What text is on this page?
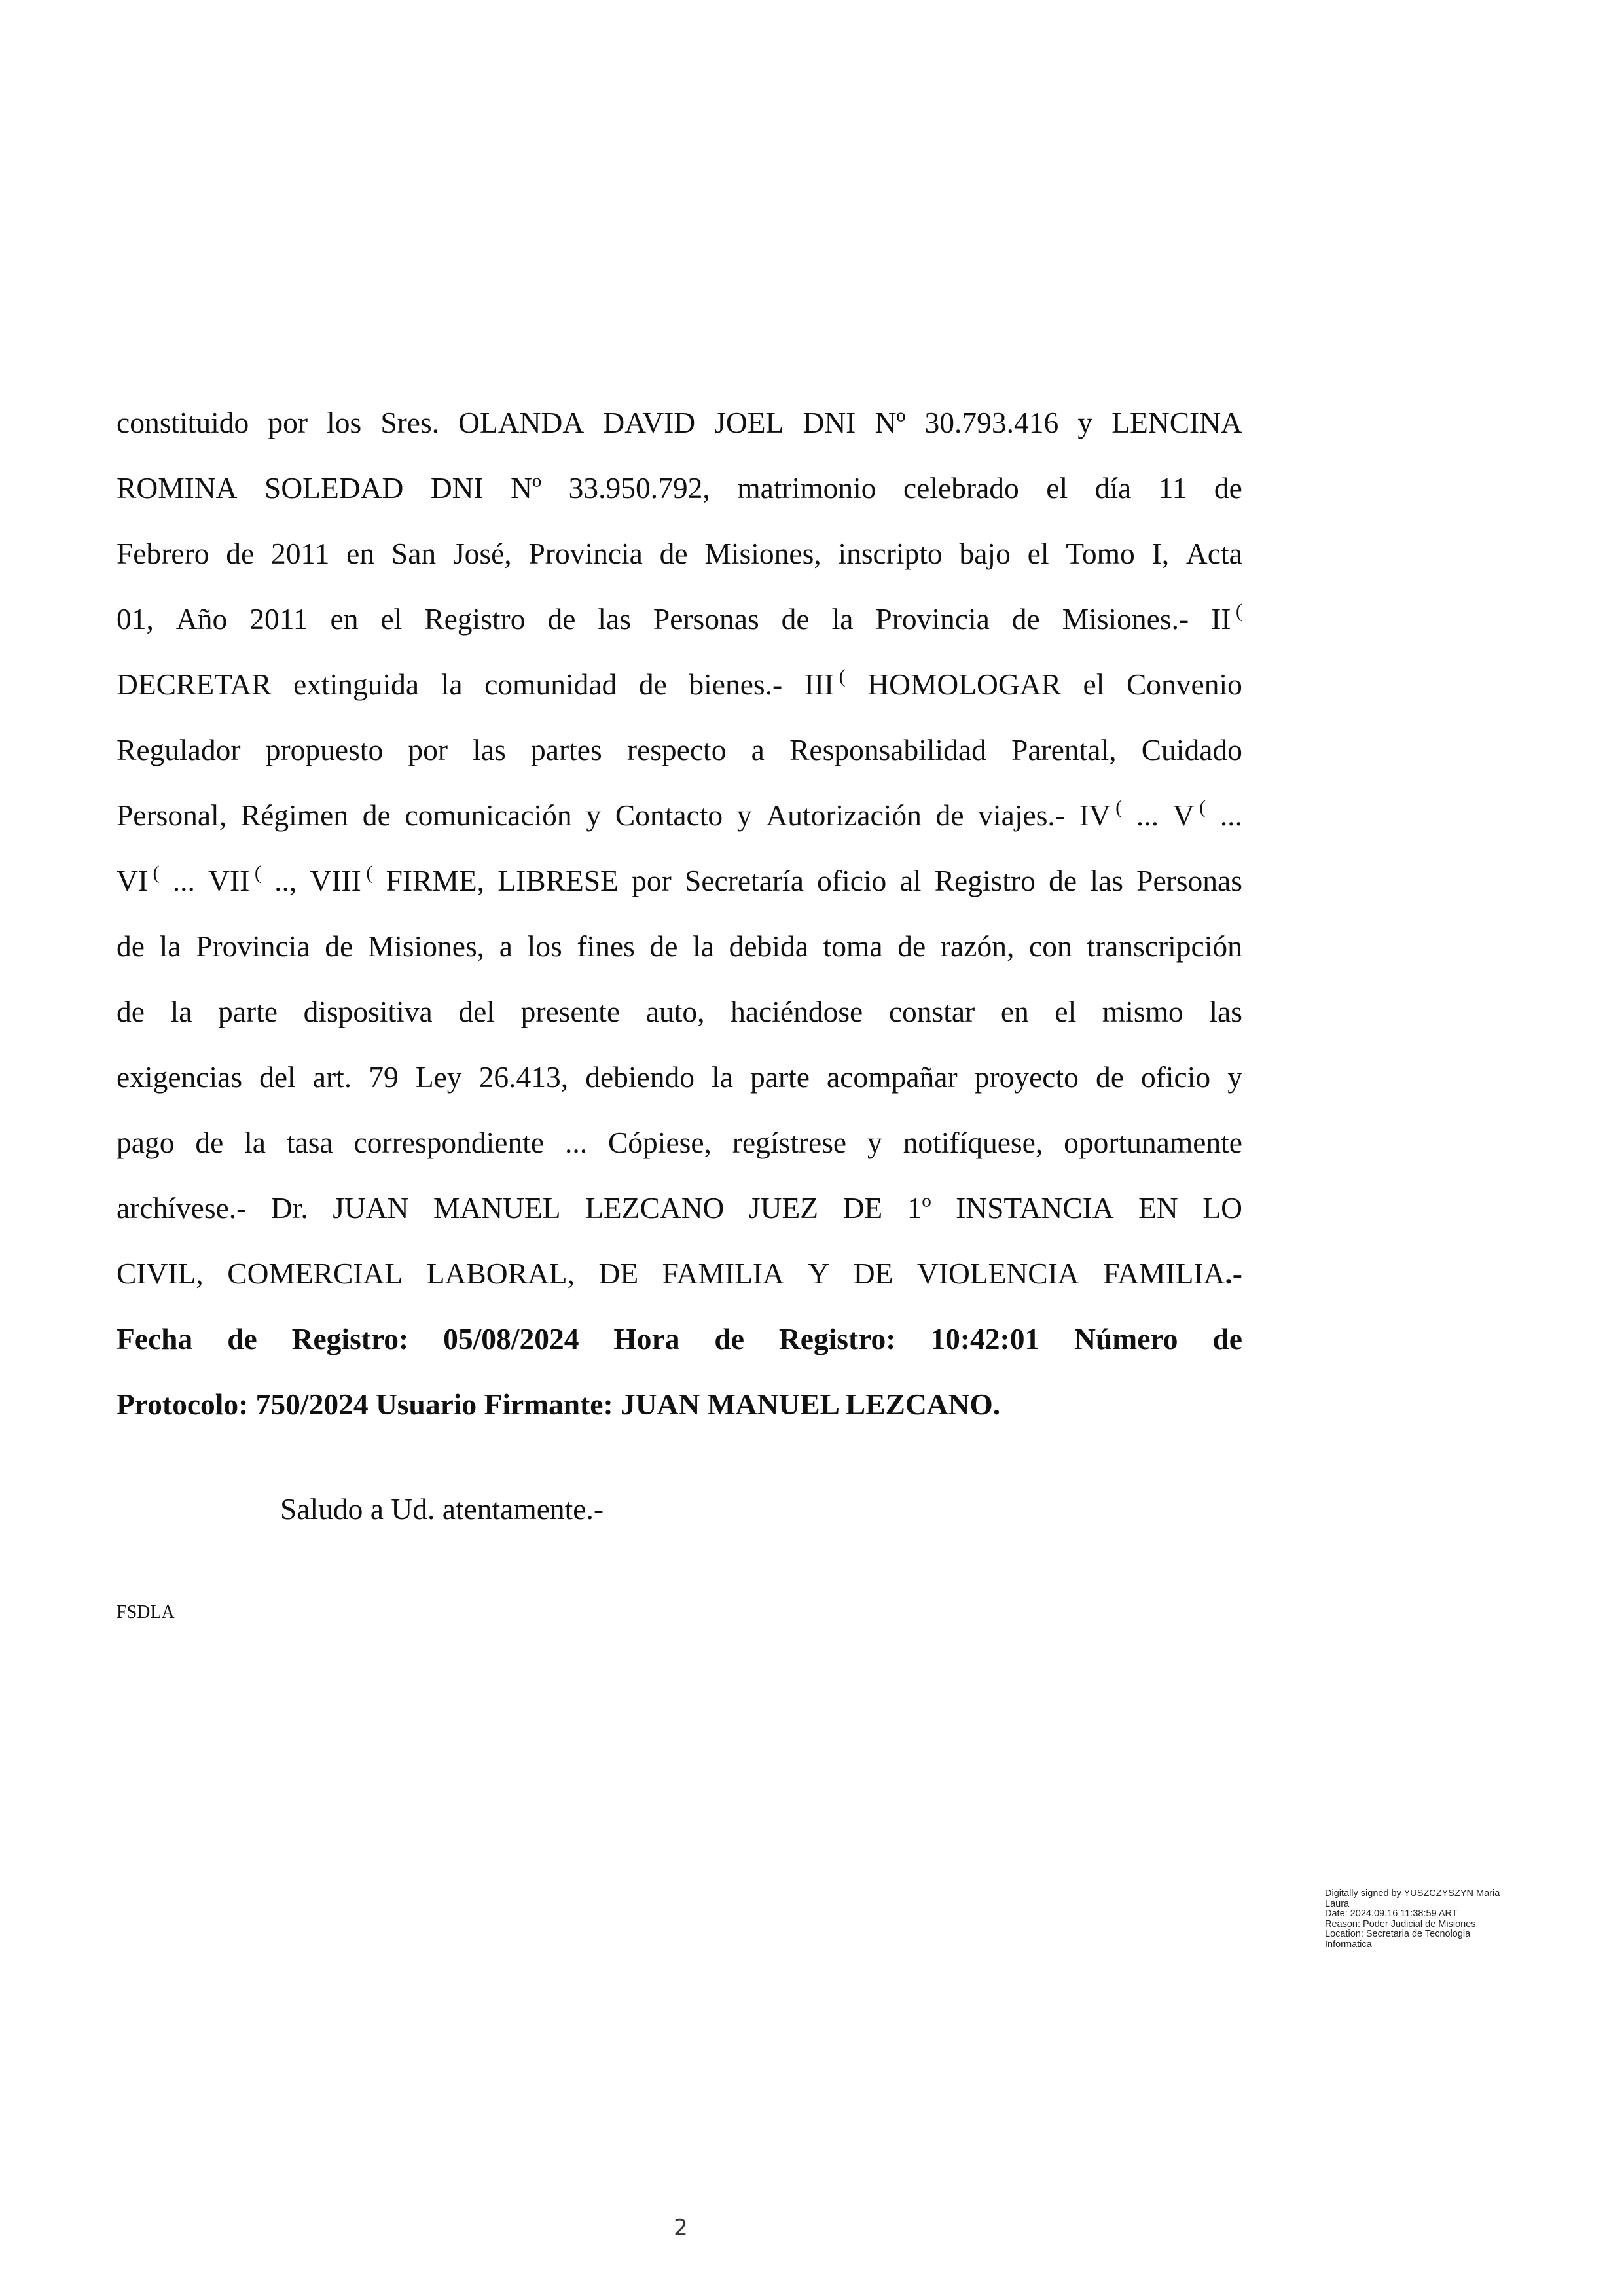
constituido por los Sres. OLANDA DAVID JOEL DNI Nº 30.793.416 y LENCINA
ROMINA SOLEDAD DNI Nº 33.950.792, matrimonio celebrado el día 11 de
Febrero de 2011 en San José, Provincia de Misiones, inscripto bajo el Tomo I, Acta
01, Año 2011 en el Registro de las Personas de la Provincia de Misiones.- II (
DECRETAR extinguida la comunidad de bienes.- III ( HOMOLOGAR el Convenio
Regulador propuesto por las partes respecto a Responsabilidad Parental, Cuidado
Personal, Régimen de comunicación y Contacto y Autorización de viajes.- IV ( ... V ( ...
VI ( ... VII ( .., VIII ( FIRME, LIBRESE por Secretaría oficio al Registro de las Personas
de la Provincia de Misiones, a los fines de la debida toma de razón, con transcripción
de la parte dispositiva del presente auto, haciéndose constar en el mismo las
exigencias del art. 79 Ley 26.413, debiendo la parte acompañar proyecto de oficio y
pago de la tasa correspondiente ... Cópiese, regístrese y notifíquese, oportunamente
archívese.- Dr. JUAN MANUEL LEZCANO JUEZ DE 1º INSTANCIA EN LO
CIVIL, COMERCIAL LABORAL, DE FAMILIA Y DE VIOLENCIA FAMILIA.-
Fecha de Registro: 05/08/2024 Hora de Registro: 10:42:01 Número de
Protocolo: 750/2024 Usuario Firmante: JUAN MANUEL LEZCANO.
Saludo a Ud. atentamente.-
FSDLA
Digitally signed by YUSZCZYSZYN Maria
Laura
Date: 2024.09.16 11:38:59 ART
Reason: Poder Judicial de Misiones
Location: Secretaria de Tecnologia
Informatica
2
